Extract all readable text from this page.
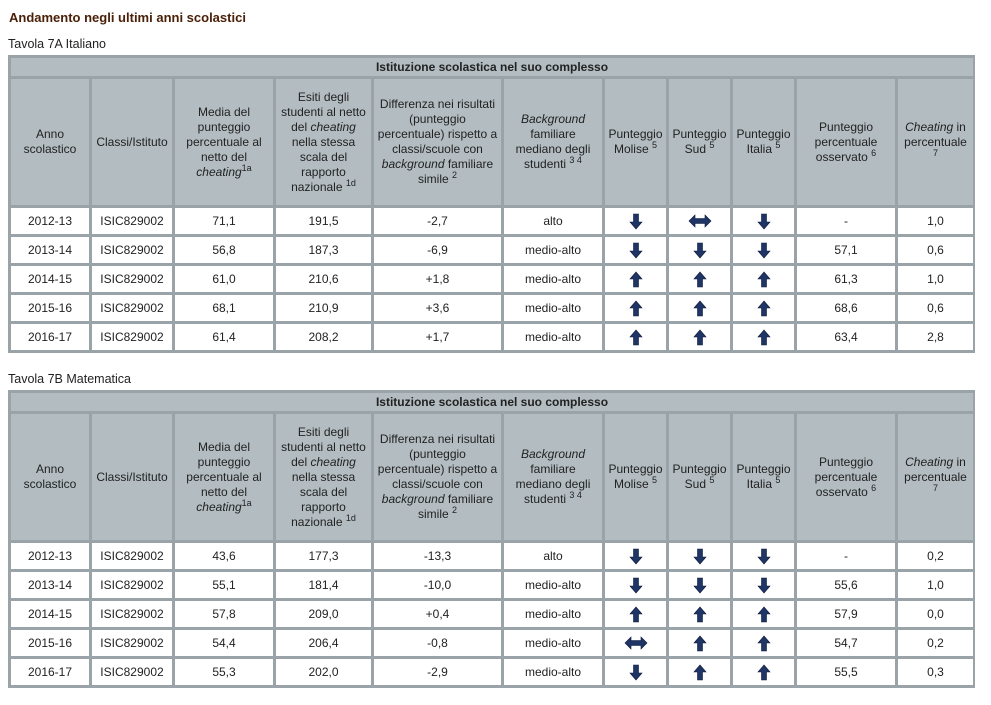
Andamento negli ultimi anni scolastici
Tavola 7A Italiano
Istituzione scolastica nel suo complesso										
Anno scolastico	Classi/Istituto	Media del punteggio percentuale al netto del cheating$^{1a}$	Esiti degli studenti al netto del cheating nella stessa scala del rapporto nazionale $^{1d}$	Differenza nei risultati (punteggio percentuale) rispetto a classi/scuole con background familiare simile $^2$	Background familiare mediano degli studenti $^{3 4}$	Punteggio Molise $^5$	Punteggio Sud $^5$	Punteggio Italia $^5$	Punteggio percentuale osservato $^6$	Cheating in percentuale $^7$
2012-13	ISIC829002	71,1	191,5	-2,7	alto				-	1,0
2013-14	ISIC829002	56,8	187,3	-6,9	medio-alto				57,1	0,6
2014-15	ISIC829002	61,0	210,6	+1,8	medio-alto				61,3	1,0
2015-16	ISIC829002	68,1	210,9	+3,6	medio-alto				68,6	0,6
2016-17	ISIC829002	61,4	208,2	+1,7	medio-alto				63,4	2,8
Tavola 7B Matematica
Istituzione scolastica nel suo complesso										
Anno scolastico	Classi/Istituto	Media del punteggio percentuale al netto del cheating$^{1a}$	Esiti degli studenti al netto del cheating nella stessa scala del rapporto nazionale $^{1d}$	Differenza nei risultati (punteggio percentuale) rispetto a classi/scuole con background familiare simile $^2$	Background familiare mediano degli studenti $^{3 4}$	Punteggio Molise $^5$	Punteggio Sud $^5$	Punteggio Italia $^5$	Punteggio percentuale osservato $^6$	Cheating in percentuale $^7$
2012-13	ISIC829002	43,6	177,3	-13,3	alto				-	0,2
2013-14	ISIC829002	55,1	181,4	-10,0	medio-alto				55,6	1,0
2014-15	ISIC829002	57,8	209,0	+0,4	medio-alto				57,9	0,0
2015-16	ISIC829002	54,4	206,4	-0,8	medio-alto				54,7	0,2
2016-17	ISIC829002	55,3	202,0	-2,9	medio-alto				55,5	0,3
